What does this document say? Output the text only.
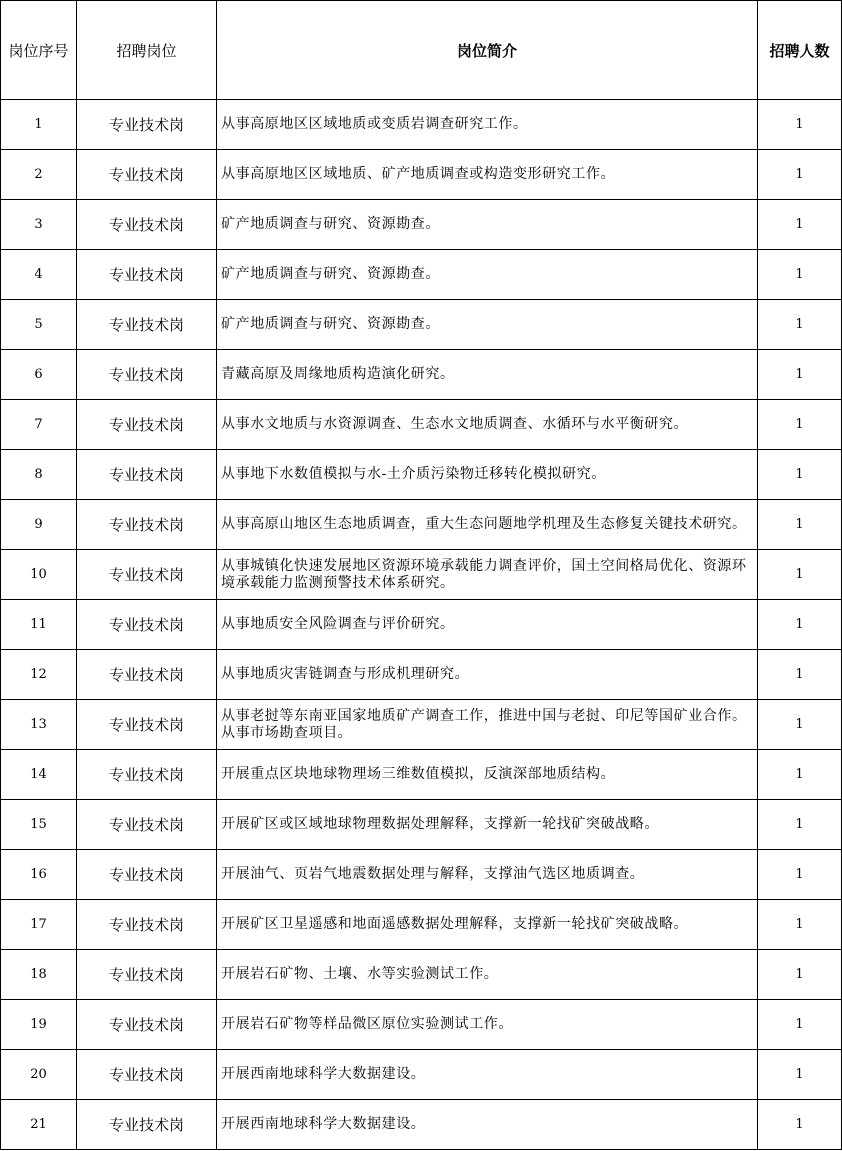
岗位序号	招聘岗位	岗位简介	招聘人数
1	专业技术岗	从事高原地区区域地质或变质岩调查研究工作。	1
2	专业技术岗	从事高原地区区域地质、矿产地质调查或构造变形研究工作。	1
3	专业技术岗	矿产地质调查与研究、资源勘查。	1
4	专业技术岗	矿产地质调查与研究、资源勘查。	1
5	专业技术岗	矿产地质调查与研究、资源勘查。	1
6	专业技术岗	青藏高原及周缘地质构造演化研究。	1
7	专业技术岗	从事水文地质与水资源调查、生态水文地质调查、水循环与水平衡研究。	1
8	专业技术岗	从事地下水数值模拟与水-土介质污染物迁移转化模拟研究。	1
9	专业技术岗	从事高原山地区生态地质调查，重大生态问题地学机理及生态修复关键技术研究。	1
10	专业技术岗	从事城镇化快速发展地区资源环境承载能力调查评价，国土空间格局优化、资源环境承载能力监测预警技术体系研究。	1
11	专业技术岗	从事地质安全风险调查与评价研究。	1
12	专业技术岗	从事地质灾害链调查与形成机理研究。	1
13	专业技术岗	从事老挝等东南亚国家地质矿产调查工作，推进中国与老挝、印尼等国矿业合作。从事市场勘查项目。	1
14	专业技术岗	开展重点区块地球物理场三维数值模拟，反演深部地质结构。	1
15	专业技术岗	开展矿区或区域地球物理数据处理解释，支撑新一轮找矿突破战略。	1
16	专业技术岗	开展油气、页岩气地震数据处理与解释，支撑油气选区地质调查。	1
17	专业技术岗	开展矿区卫星遥感和地面遥感数据处理解释，支撑新一轮找矿突破战略。	1
18	专业技术岗	开展岩石矿物、土壤、水等实验测试工作。	1
19	专业技术岗	开展岩石矿物等样品微区原位实验测试工作。	1
20	专业技术岗	开展西南地球科学大数据建设。	1
21	专业技术岗	开展西南地球科学大数据建设。	1
